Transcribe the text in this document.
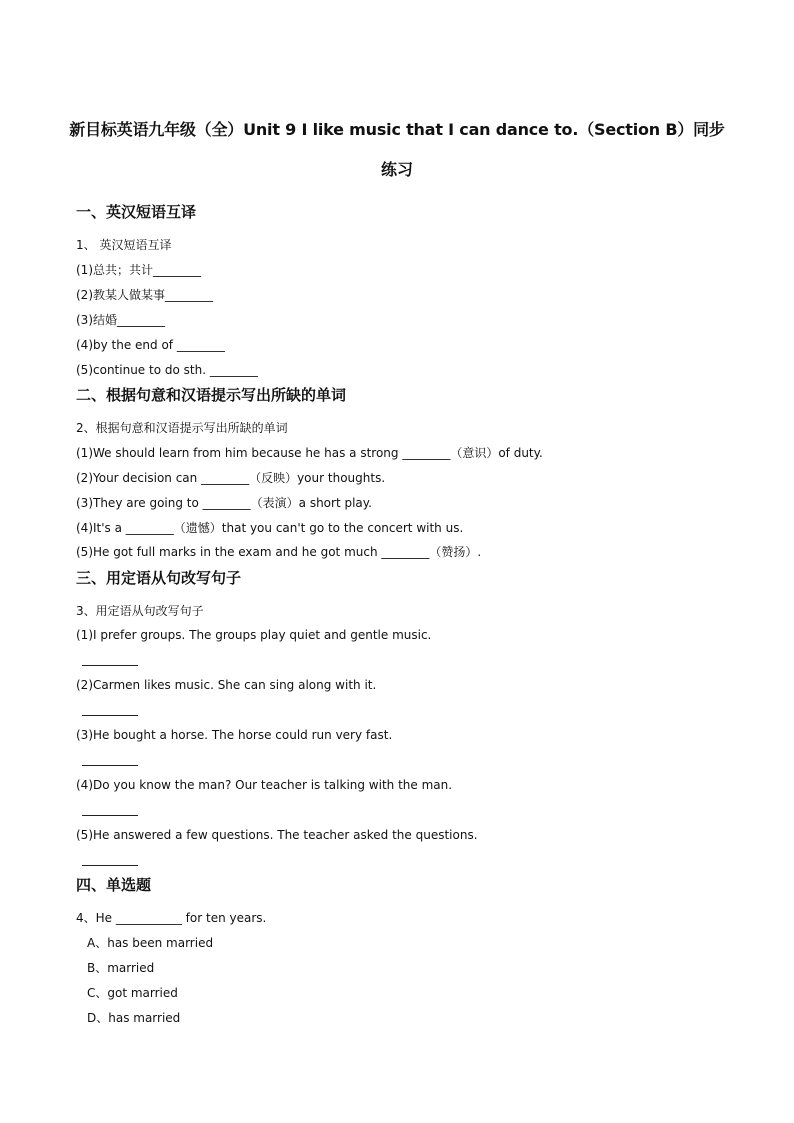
新目标英语九年级（全）Unit 9 I like music that I can dance to.（Section B）同步
练习
一、英汉短语互译
1、 英汉短语互译
(1)总共；共计________
(2)教某人做某事________
(3)结婚________
(4)by the end of ________
(5)continue to do sth. ________
二、根据句意和汉语提示写出所缺的单词
2、根据句意和汉语提示写出所缺的单词
(1)We should learn from him because he has a strong ________（意识）of duty.
(2)Your decision can ________（反映）your thoughts.
(3)They are going to ________（表演）a short play.
(4)It's a ________（遗憾）that you can't go to the concert with us.
(5)He got full marks in the exam and he got much ________（赞扬）.
三、用定语从句改写句子
3、用定语从句改写句子
(1)I prefer groups. The groups play quiet and gentle music.
(2)Carmen likes music. She can sing along with it.
(3)He bought a horse. The horse could run very fast.
(4)Do you know the man? Our teacher is talking with the man.
(5)He answered a few questions. The teacher asked the questions.
四、单选题
4、He ___________ for ten years.
A、has been married
B、married
C、got married
D、has married
